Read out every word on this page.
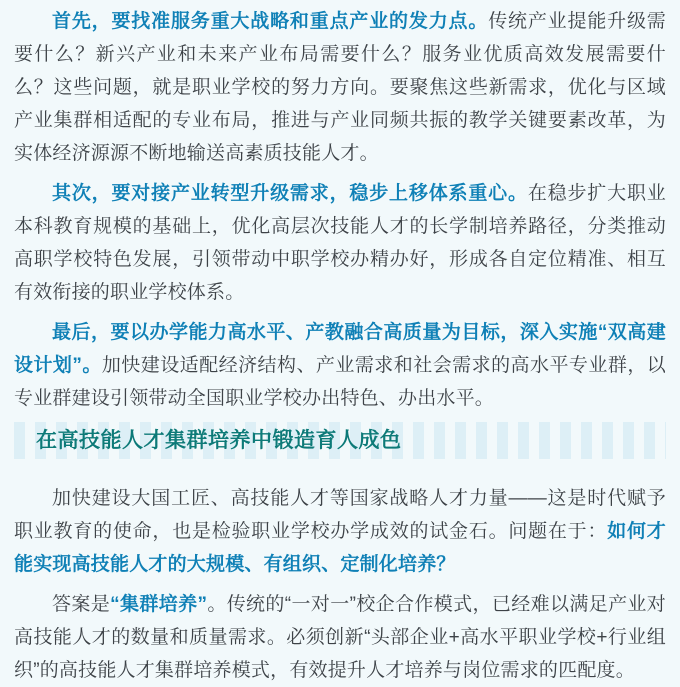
首先，要找准服务重大战略和重点产业的发力点。传统产业提能升级需要什么？新兴产业和未来产业布局需要什么？服务业优质高效发展需要什么？这些问题，就是职业学校的努力方向。要聚焦这些新需求，优化与区域产业集群相适配的专业布局，推进与产业同频共振的教学关键要素改革，为实体经济源源不断地输送高素质技能人才。

其次，要对接产业转型升级需求，稳步上移体系重心。在稳步扩大职业本科教育规模的基础上，优化高层次技能人才的长学制培养路径，分类推动高职学校特色发展，引领带动中职学校办精办好，形成各自定位精准、相互有效衔接的职业学校体系。

最后，要以办学能力高水平、产教融合高质量为目标，深入实施“双高建设计划”。加快建设适配经济结构、产业需求和社会需求的高水平专业群，以专业群建设引领带动全国职业学校办出特色、办出水平。

在高技能人才集群培养中锻造育人成色

加快建设大国工匠、高技能人才等国家战略人才力量——这是时代赋予职业教育的使命，也是检验职业学校办学成效的试金石。问题在于：如何才能实现高技能人才的大规模、有组织、定制化培养？

答案是“集群培养”。传统的“一对一”校企合作模式，已经难以满足产业对高技能人才的数量和质量需求。必须创新“头部企业+高水平职业学校+行业组织”的高技能人才集群培养模式，有效提升人才培养与岗位需求的匹配度。
